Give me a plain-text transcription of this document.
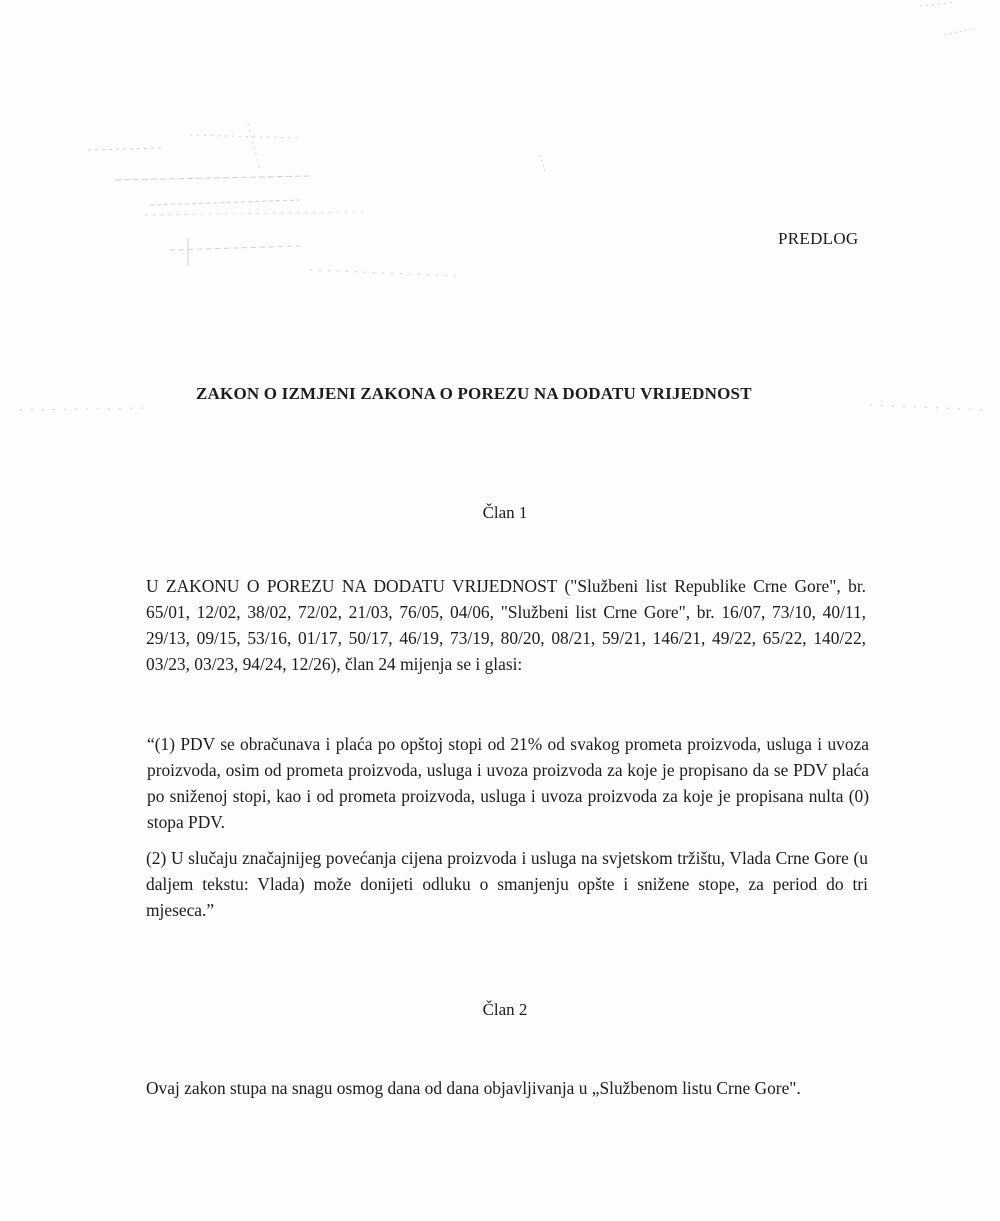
PREDLOG
ZAKON O IZMJENI ZAKONA O POREZU NA DODATU VRIJEDNOST
Član 1

U ZAKONU O POREZU NA DODATU VRIJEDNOST ("Službeni list Republike Crne Gore", br. 65/01, 12/02, 38/02, 72/02, 21/03, 76/05, 04/06, "Službeni list Crne Gore", br. 16/07, 73/10, 40/11, 29/13, 09/15, 53/16, 01/17, 50/17, 46/19, 73/19, 80/20, 08/21, 59/21, 146/21, 49/22, 65/22, 140/22, 03/23, 03/23, 94/24, 12/26), član 24 mijenja se i glasi:

“(1) PDV se obračunava i plaća po opštoj stopi od 21% od svakog prometa proizvoda, usluga i uvoza proizvoda, osim od prometa proizvoda, usluga i uvoza proizvoda za koje je propisano da se PDV plaća po sniženoj stopi, kao i od prometa proizvoda, usluga i uvoza proizvoda za koje je propisana nulta (0) stopa PDV.

(2) U slučaju značajnijeg povećanja cijena proizvoda i usluga na svjetskom tržištu, Vlada Crne Gore (u daljem tekstu: Vlada) može donijeti odluku o smanjenju opšte i snižene stope, za period do tri mjeseca.”

Član 2

Ovaj zakon stupa na snagu osmog dana od dana objavljivanja u „Službenom listu Crne Gore".
